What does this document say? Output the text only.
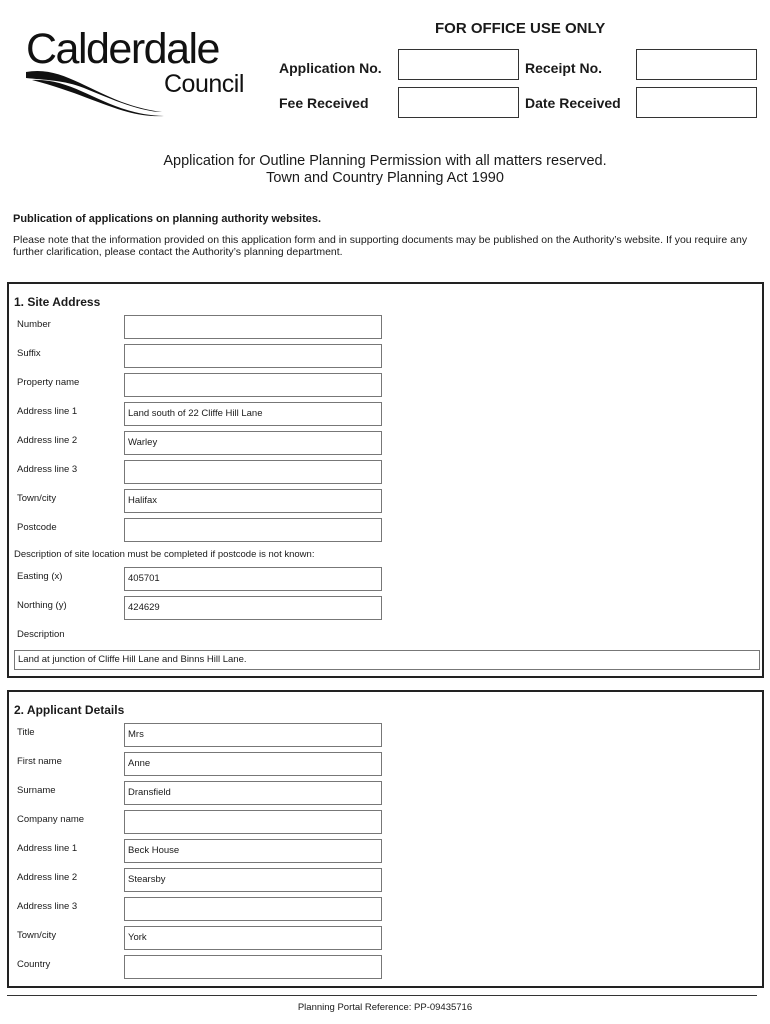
Calderdale
Council
FOR OFFICE USE ONLY
Application No.	Receipt No.
Fee Received	Date Received
Application for Outline Planning Permission with all matters reserved.
Town and Country Planning Act 1990
Publication of applications on planning authority websites.
Please note that the information provided on this application form and in supporting documents may be published on the Authority’s website. If you require any further clarification, please contact the Authority’s planning department.
1. Site Address
Number
Suffix
Property name
Address line 1	Land south of 22 Cliffe Hill Lane
Address line 2	Warley
Address line 3
Town/city	Halifax
Postcode
Description of site location must be completed if postcode is not known:
Easting (x)	405701
Northing (y)	424629
Description
Land at junction of Cliffe Hill Lane and Binns Hill Lane.
2. Applicant Details
Title	Mrs
First name	Anne
Surname	Dransfield
Company name
Address line 1	Beck House
Address line 2	Stearsby
Address line 3
Town/city	York
Country
Planning Portal Reference: PP-09435716
